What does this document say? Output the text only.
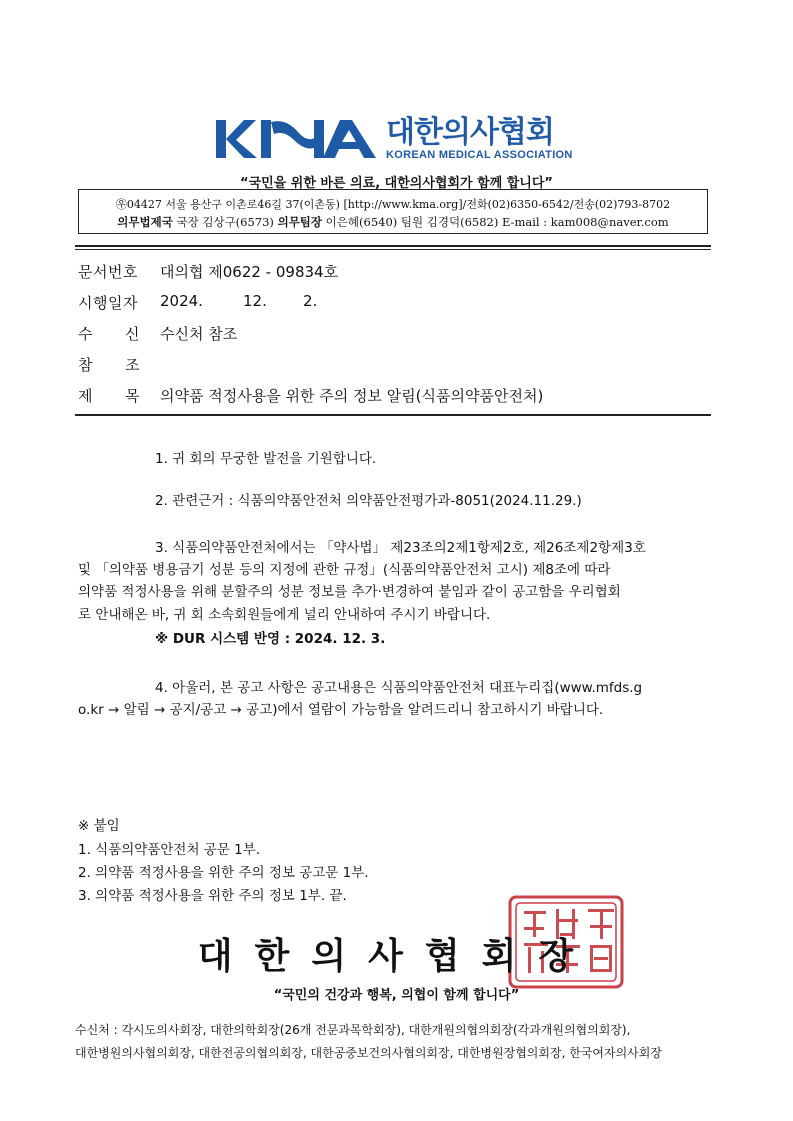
대한의사협회
KOREAN MEDICAL ASSOCIATION
“국민을 위한 바른 의료, 대한의사협회가 함께 합니다”
㉾04427 서울 용산구 이촌로46길 37(이촌동) [http://www.kma.org]/전화(02)6350-6542/전송(02)793-8702
의무법제국 국장 김상구(6573) 의무팀장 이은혜(6540) 팀원 김경덕(6582) E-mail : kam008@naver.com
문서번호 대의협 제0622 - 09834호
시행일자 2024.	12. 2.
수 신 수신처 참조
참 조
제 목 의약품 적정사용을 위한 주의 정보 알림(식품의약품안전처)
1. 귀 회의 무궁한 발전을 기원합니다.
2. 관련근거 : 식품의약품안전처 의약품안전평가과-8051(2024.11.29.)
3. 식품의약품안전처에서는 「약사법」 제23조의2제1항제2호, 제26조제2항제3호
및 「의약품 병용금기 성분 등의 지정에 관한 규정」(식품의약품안전처 고시) 제8조에 따라
의약품 적정사용을 위해 분할주의 성분 정보를 추가·변경하여 붙임과 같이 공고함을 우리협회
로 안내해온 바, 귀 회 소속회원들에게 널리 안내하여 주시기 바랍니다.
※ DUR 시스템 반영 : 2024. 12. 3.
4. 아울러, 본 공고 사항은 공고내용은 식품의약품안전처 대표누리집(www.mfds.g
o.kr → 알림 → 공지/공고 → 공고)에서 열람이 가능함을 알려드리니 참고하시기 바랍니다.
※ 붙임
1. 식품의약품안전처 공문 1부.
2. 의약품 적정사용을 위한 주의 정보 공고문 1부.
3. 의약품 적정사용을 위한 주의 정보 1부. 끝.
대한의사협회장
“국민의 건강과 행복, 의협이 함께 합니다”
수신처 : 각시도의사회장, 대한의학회장(26개 전문과목학회장), 대한개원의협의회장(각과개원의협의회장),
대한병원의사협의회장, 대한전공의협의회장, 대한공중보건의사협의회장, 대한병원장협의회장, 한국여자의사회장
